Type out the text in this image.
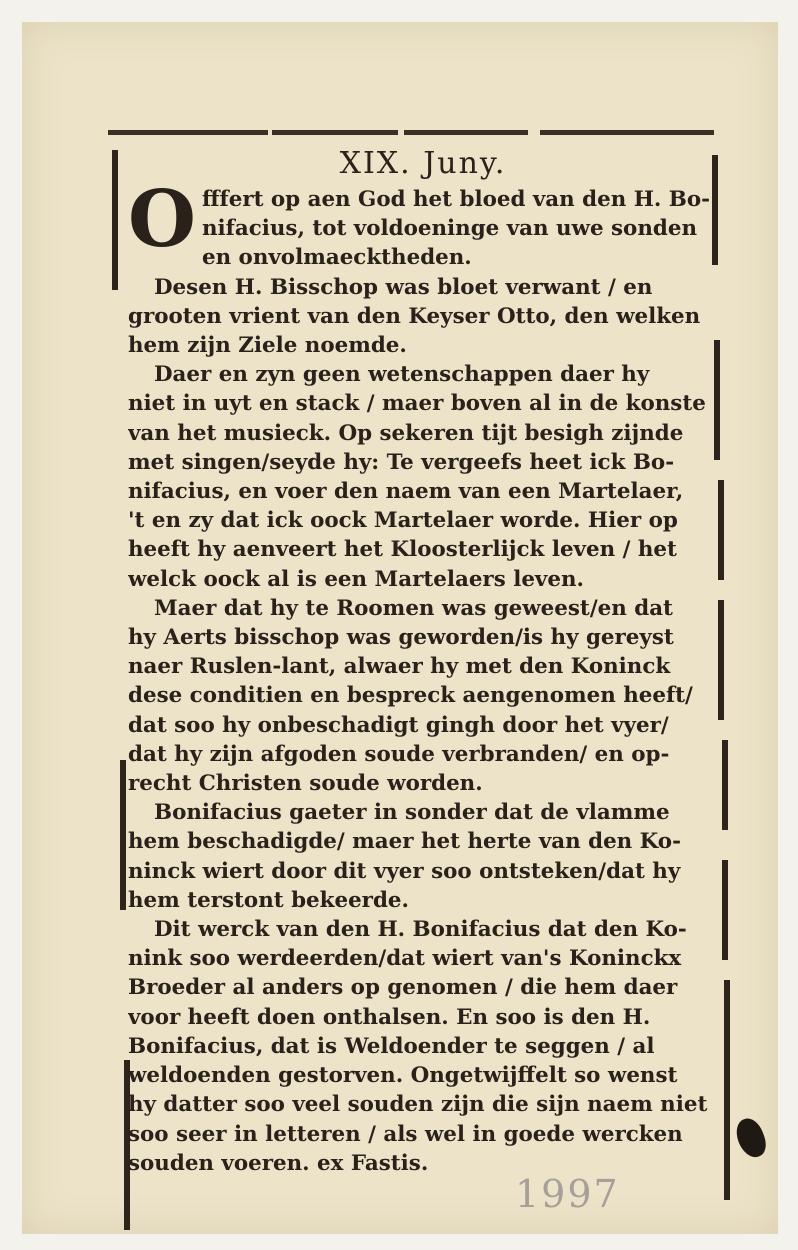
XIX. Juny.
O fffert op aen God het bloed van den H. Bo-
nifacius, tot voldoeninge van uwe sonden
en onvolmaecktheden.
Desen H. Bisschop was bloet verwant / en
grooten vrient van den Keyser Otto, den welken
hem zijn Ziele noemde.
Daer en zyn geen wetenschappen daer hy
niet in uyt en stack / maer boven al in de konste
van het musieck. Op sekeren tijt besigh zijnde
met singen/seyde hy: Te vergeefs heet ick Bo-
nifacius, en voer den naem van een Martelaer,
't en zy dat ick oock Martelaer worde. Hier op
heeft hy aenveert het Kloosterlijck leven / het
welck oock al is een Martelaers leven.
Maer dat hy te Roomen was geweest/en dat
hy Aerts bisschop was geworden/is hy gereyst
naer Ruslen-lant, alwaer hy met den Koninck
dese conditien en bespreck aengenomen heeft/
dat soo hy onbeschadigt gingh door het vyer/
dat hy zijn afgoden soude verbranden/ en op-
recht Christen soude worden.
Bonifacius gaeter in sonder dat de vlamme
hem beschadigde/ maer het herte van den Ko-
ninck wiert door dit vyer soo ontsteken/dat hy
hem terstont bekeerde.
Dit werck van den H. Bonifacius dat den Ko-
nink soo werdeerden/dat wiert van's Koninckx
Broeder al anders op genomen / die hem daer
voor heeft doen onthalsen. En soo is den H.
Bonifacius, dat is Weldoender te seggen / al
weldoenden gestorven. Ongetwijffelt so wenst
hy datter soo veel souden zijn die sijn naem niet
soo seer in letteren / als wel in goede wercken
souden voeren. ex Fastis.
1997
